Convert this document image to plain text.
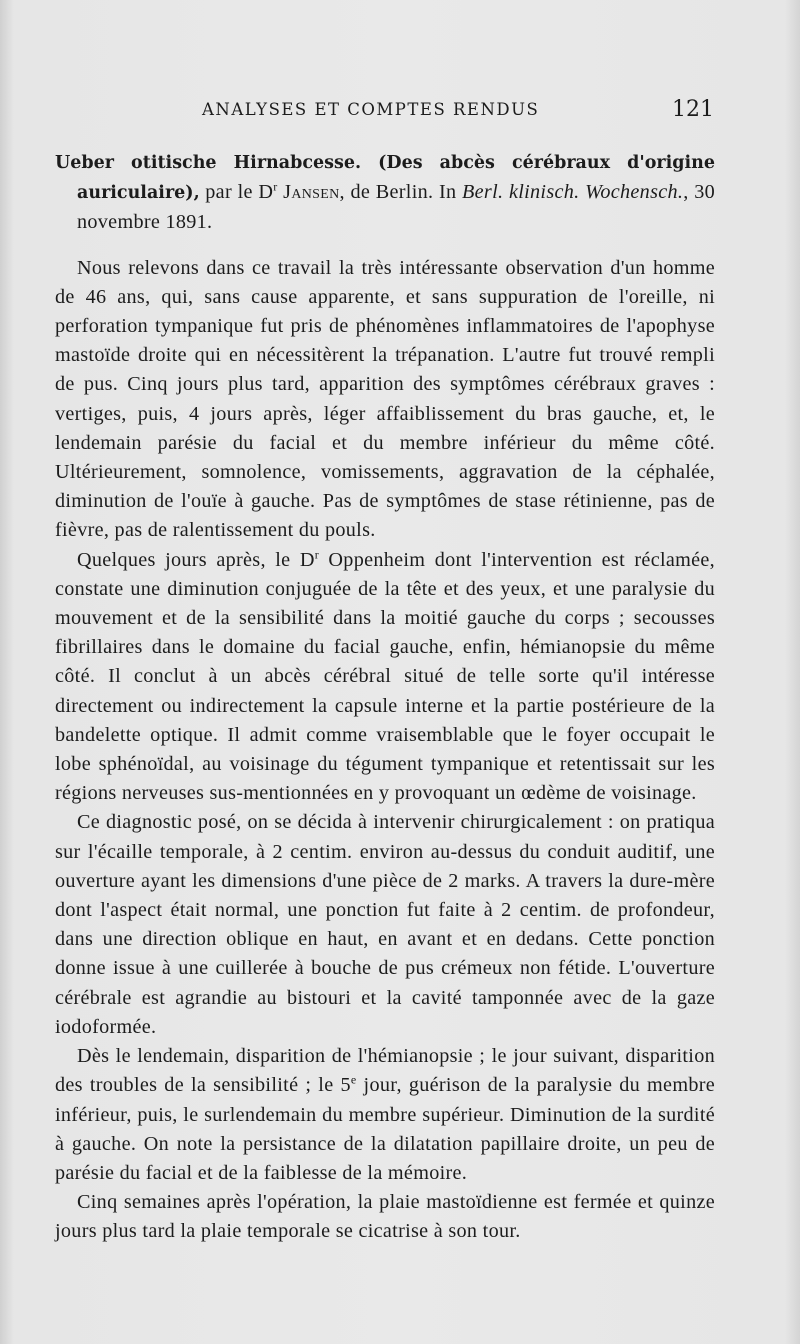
ANALYSES ET COMPTES RENDUS	121

Ueber otitische Hirnabcesse. (Des abcès cérébraux d'origine auriculaire), par le $D^r$ Jansen, de Berlin. In Berl. klinisch. Wochensch., 30 novembre 1891.

Nous relevons dans ce travail la très intéressante observation d'un homme de 46 ans, qui, sans cause apparente, et sans suppuration de l'oreille, ni perforation tympanique fut pris de phénomènes inflammatoires de l'apophyse mastoïde droite qui en nécessitèrent la trépanation. L'autre fut trouvé rempli de pus. Cinq jours plus tard, apparition des symptômes cérébraux graves : vertiges, puis, 4 jours après, léger affaiblissement du bras gauche, et, le lendemain parésie du facial et du membre inférieur du même côté. Ultérieurement, somnolence, vomissements, aggravation de la céphalée, diminution de l'ouïe à gauche. Pas de symptômes de stase rétinienne, pas de fièvre, pas de ralentissement du pouls.

Quelques jours après, le $D^r$ Oppenheim dont l'intervention est réclamée, constate une diminution conjuguée de la tête et des yeux, et une paralysie du mouvement et de la sensibilité dans la moitié gauche du corps ; secousses fibrillaires dans le domaine du facial gauche, enfin, hémianopsie du même côté. Il conclut à un abcès cérébral situé de telle sorte qu'il intéresse directement ou indirectement la capsule interne et la partie postérieure de la bandelette optique. Il admit comme vraisemblable que le foyer occupait le lobe sphénoïdal, au voisinage du tégument tympanique et retentissait sur les régions nerveuses sus-mentionnées en y provoquant un œdème de voisinage.

Ce diagnostic posé, on se décida à intervenir chirurgicalement : on pratiqua sur l'écaille temporale, à 2 centim. environ au-dessus du conduit auditif, une ouverture ayant les dimensions d'une pièce de 2 marks. A travers la dure-mère dont l'aspect était normal, une ponction fut faite à 2 centim. de profondeur, dans une direction oblique en haut, en avant et en dedans. Cette ponction donne issue à une cuillerée à bouche de pus crémeux non fétide. L'ouverture cérébrale est agrandie au bistouri et la cavité tamponnée avec de la gaze iodoformée.

Dès le lendemain, disparition de l'hémianopsie ; le jour suivant, disparition des troubles de la sensibilité ; le 5e jour, guérison de la paralysie du membre inférieur, puis, le surlendemain du membre supérieur. Diminution de la surdité à gauche. On note la persistance de la dilatation papillaire droite, un peu de parésie du facial et de la faiblesse de la mémoire.

Cinq semaines après l'opération, la plaie mastoïdienne est fermée et quinze jours plus tard la plaie temporale se cicatrise à son tour.
